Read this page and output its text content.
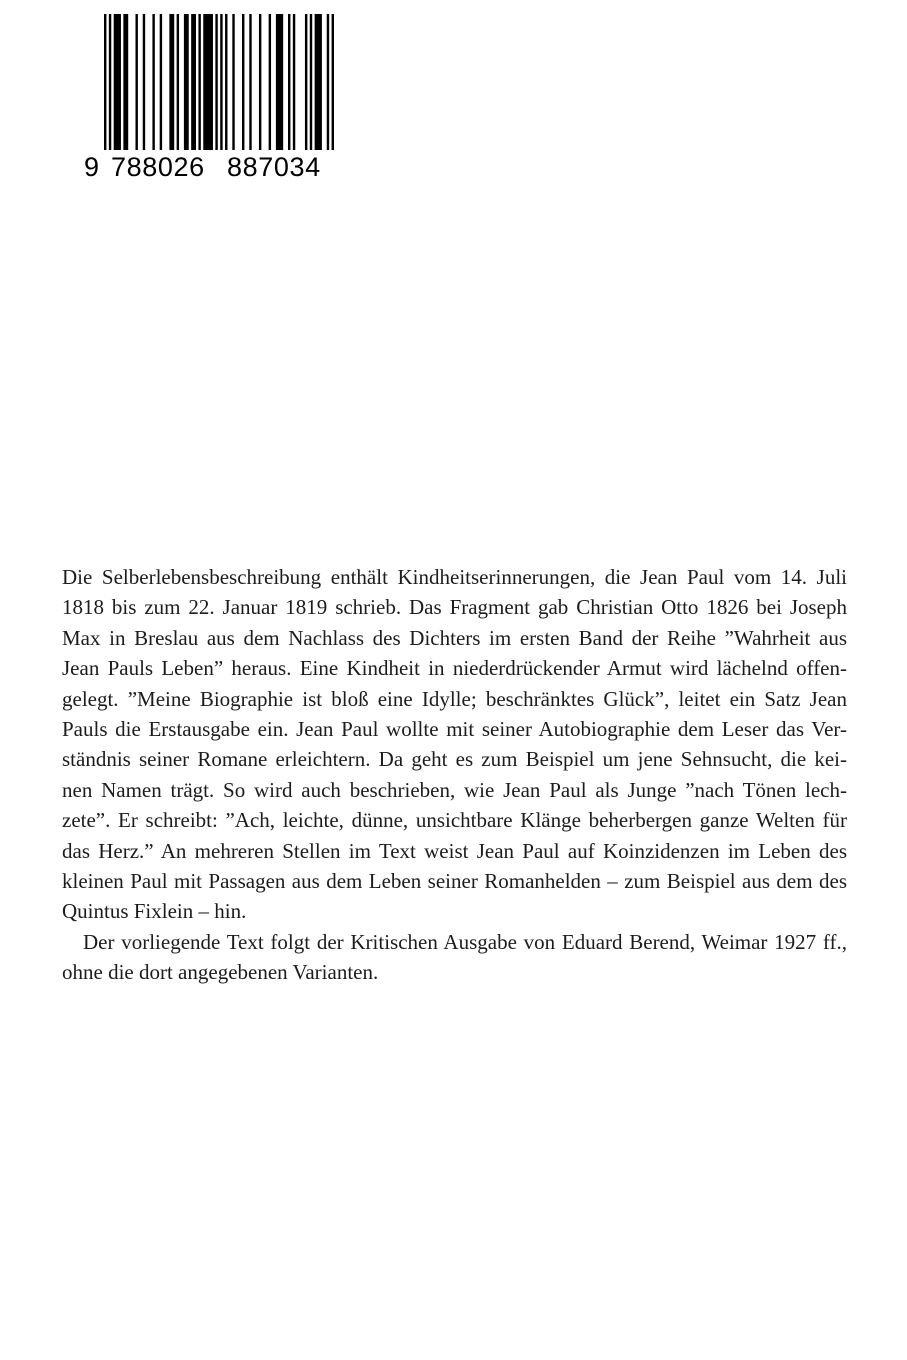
9 788026 887034

Die Selberlebensbeschreibung enthält Kindheitserinnerungen, die Jean Paul vom 14. Juli
1818 bis zum 22. Januar 1819 schrieb. Das Fragment gab Christian Otto 1826 bei Joseph
Max in Breslau aus dem Nachlass des Dichters im ersten Band der Reihe ”Wahrheit aus
Jean Pauls Leben” heraus. Eine Kindheit in niederdrückender Armut wird lächelnd offen-
gelegt. ”Meine Biographie ist bloß eine Idylle; beschränktes Glück”, leitet ein Satz Jean
Pauls die Erstausgabe ein. Jean Paul wollte mit seiner Autobiographie dem Leser das Ver-
ständnis seiner Romane erleichtern. Da geht es zum Beispiel um jene Sehnsucht, die kei-
nen Namen trägt. So wird auch beschrieben, wie Jean Paul als Junge ”nach Tönen lech-
zete”. Er schreibt: ”Ach, leichte, dünne, unsichtbare Klänge beherbergen ganze Welten für
das Herz.” An mehreren Stellen im Text weist Jean Paul auf Koinzidenzen im Leben des
kleinen Paul mit Passagen aus dem Leben seiner Romanhelden – zum Beispiel aus dem des
Quintus Fixlein – hin.

Der vorliegende Text folgt der Kritischen Ausgabe von Eduard Berend, Weimar 1927 ff.,
ohne die dort angegebenen Varianten.
